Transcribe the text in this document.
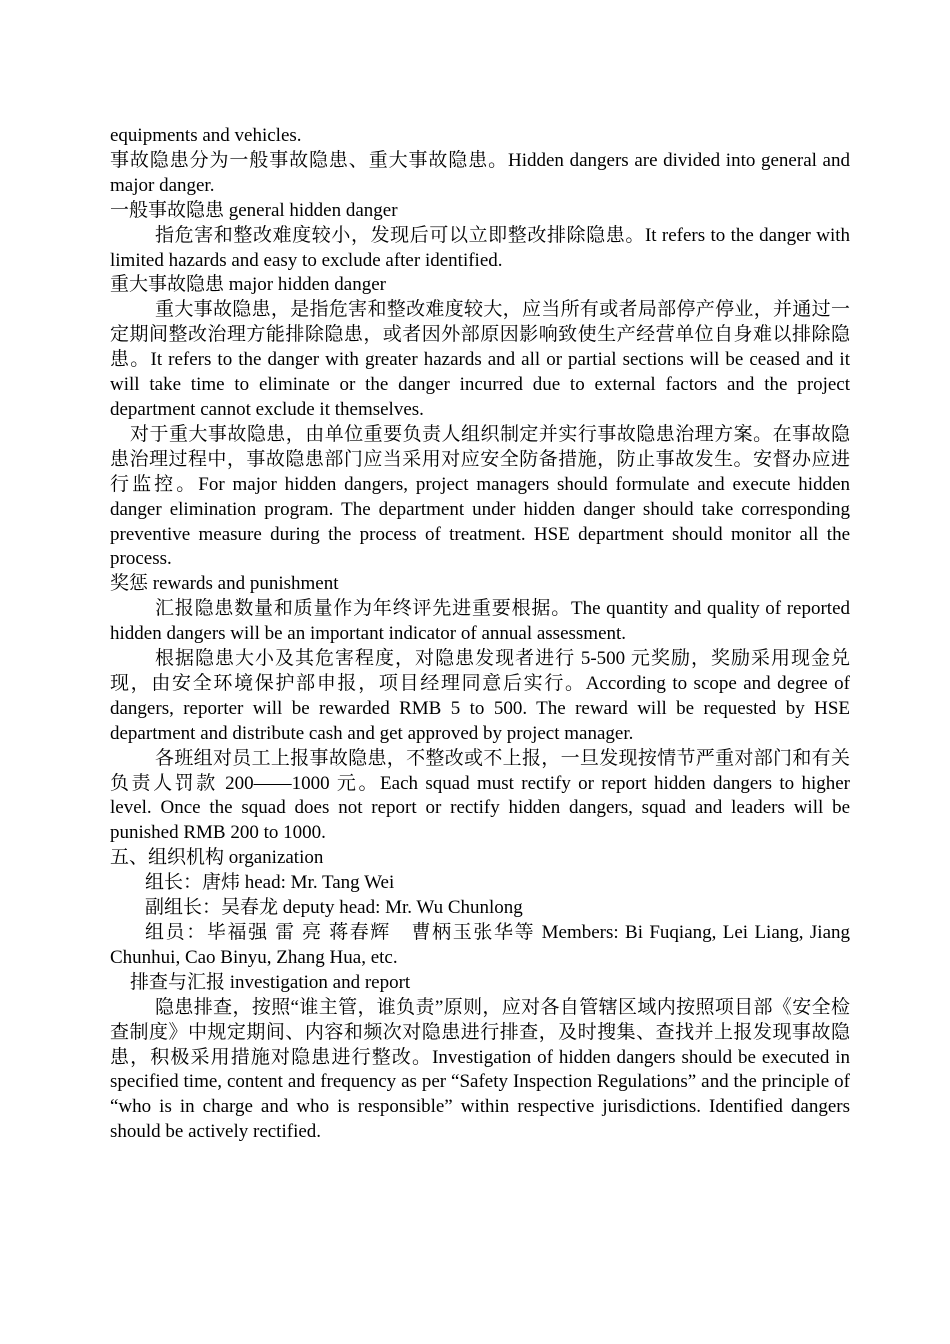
equipments and vehicles.

事故隐患分为一般事故隐患、重大事故隐患。Hidden dangers are divided into general and major danger.

一般事故隐患 general hidden danger

指危害和整改难度较小，发现后可以立即整改排除隐患。It refers to the danger with limited hazards and easy to exclude after identified.

重大事故隐患 major hidden danger

重大事故隐患，是指危害和整改难度较大，应当所有或者局部停产停业，并通过一定期间整改治理方能排除隐患，或者因外部原因影响致使生产经营单位自身难以排除隐患。It refers to the danger with greater hazards and all or partial sections will be ceased and it will take time to eliminate or the danger incurred due to external factors and the project department cannot exclude it themselves.

对于重大事故隐患，由单位重要负责人组织制定并实行事故隐患治理方案。在事故隐患治理过程中，事故隐患部门应当采用对应安全防备措施，防止事故发生。安督办应进行监控。For major hidden dangers, project managers should formulate and execute hidden danger elimination program. The department under hidden danger should take corresponding preventive measure during the process of treatment. HSE department should monitor all the process.

奖惩 rewards and punishment

汇报隐患数量和质量作为年终评先进重要根据。The quantity and quality of reported hidden dangers will be an important indicator of annual assessment.

根据隐患大小及其危害程度，对隐患发现者进行 5-500 元奖励，奖励采用现金兑现，由安全环境保护部申报，项目经理同意后实行。According to scope and degree of dangers, reporter will be rewarded RMB 5 to 500. The reward will be requested by HSE department and distribute cash and get approved by project manager.

各班组对员工上报事故隐患，不整改或不上报，一旦发现按情节严重对部门和有关负责人罚款 200——1000 元。Each squad must rectify or report hidden dangers to higher level. Once the squad does not report or rectify hidden dangers, squad and leaders will be punished RMB 200 to 1000.

五、组织机构 organization

组长：唐炜 head: Mr. Tang Wei

副组长：吴春龙 deputy head: Mr. Wu Chunlong

组员：毕福强 雷 亮 蒋春辉　曹柄玉张华等 Members: Bi Fuqiang, Lei Liang, Jiang Chunhui, Cao Binyu, Zhang Hua, etc.

排查与汇报 investigation and report

隐患排查，按照“谁主管，谁负责”原则，应对各自管辖区域内按照项目部《安全检查制度》中规定期间、内容和频次对隐患进行排查，及时搜集、查找并上报发现事故隐患，积极采用措施对隐患进行整改。Investigation of hidden dangers should be executed in specified time, content and frequency as per “Safety Inspection Regulations” and the principle of “who is in charge and who is responsible” within respective jurisdictions. Identified dangers should be actively rectified.
